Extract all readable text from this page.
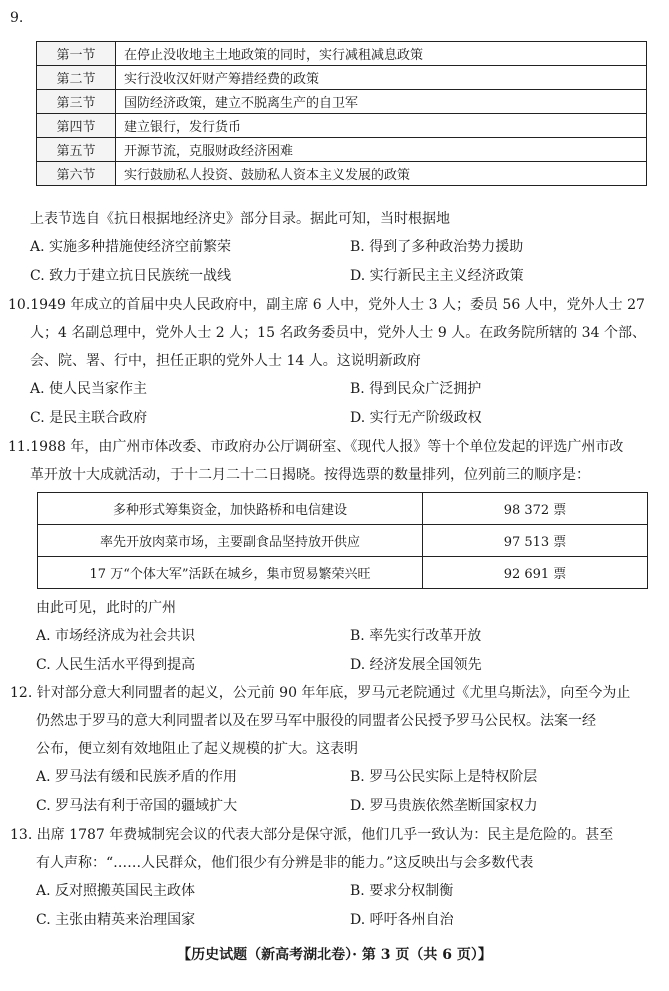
9.
第一节	在停止没收地主土地政策的同时，实行减租减息政策
第二节	实行没收汉奸财产筹措经费的政策
第三节	国防经济政策，建立不脱离生产的自卫军
第四节	建立银行，发行货币
第五节	开源节流，克服财政经济困难
第六节	实行鼓励私人投资、鼓励私人资本主义发展的政策
上表节选自《抗日根据地经济史》部分目录。据此可知，当时根据地
A. 实施多种措施使经济空前繁荣	B. 得到了多种政治势力援助
C. 致力于建立抗日民族统一战线	D. 实行新民主主义经济政策
10.1949 年成立的首届中央人民政府中，副主席 6 人中，党外人士 3 人；委员 56 人中，党外人士 27
人；4 名副总理中，党外人士 2 人；15 名政务委员中，党外人士 9 人。在政务院所辖的 34 个部、
会、院、署、行中，担任正职的党外人士 14 人。这说明新政府
A. 使人民当家作主	B. 得到民众广泛拥护
C. 是民主联合政府	D. 实行无产阶级政权
11.1988 年，由广州市体改委、市政府办公厅调研室、《现代人报》等十个单位发起的评选广州市改
革开放十大成就活动，于十二月二十二日揭晓。按得选票的数量排列，位列前三的顺序是：
多种形式筹集资金，加快路桥和电信建设	98 372 票
率先开放肉菜市场，主要副食品坚持放开供应	97 513 票
17 万“个体大军”活跃在城乡，集市贸易繁荣兴旺	92 691 票
由此可见，此时的广州
A. 市场经济成为社会共识	B. 率先实行改革开放
C. 人民生活水平得到提高	D. 经济发展全国领先
12. 针对部分意大利同盟者的起义，公元前 90 年年底，罗马元老院通过《尤里乌斯法》，向至今为止
仍然忠于罗马的意大利同盟者以及在罗马军中服役的同盟者公民授予罗马公民权。法案一经
公布，便立刻有效地阻止了起义规模的扩大。这表明
A. 罗马法有缓和民族矛盾的作用	B. 罗马公民实际上是特权阶层
C. 罗马法有利于帝国的疆域扩大	D. 罗马贵族依然垄断国家权力
13. 出席 1787 年费城制宪会议的代表大部分是保守派，他们几乎一致认为：民主是危险的。甚至
有人声称：“……人民群众，他们很少有分辨是非的能力。”这反映出与会多数代表
A. 反对照搬英国民主政体	B. 要求分权制衡
C. 主张由精英来治理国家	D. 呼吁各州自治
【历史试题（新高考湖北卷）· 第 3 页（共 6 页）】
